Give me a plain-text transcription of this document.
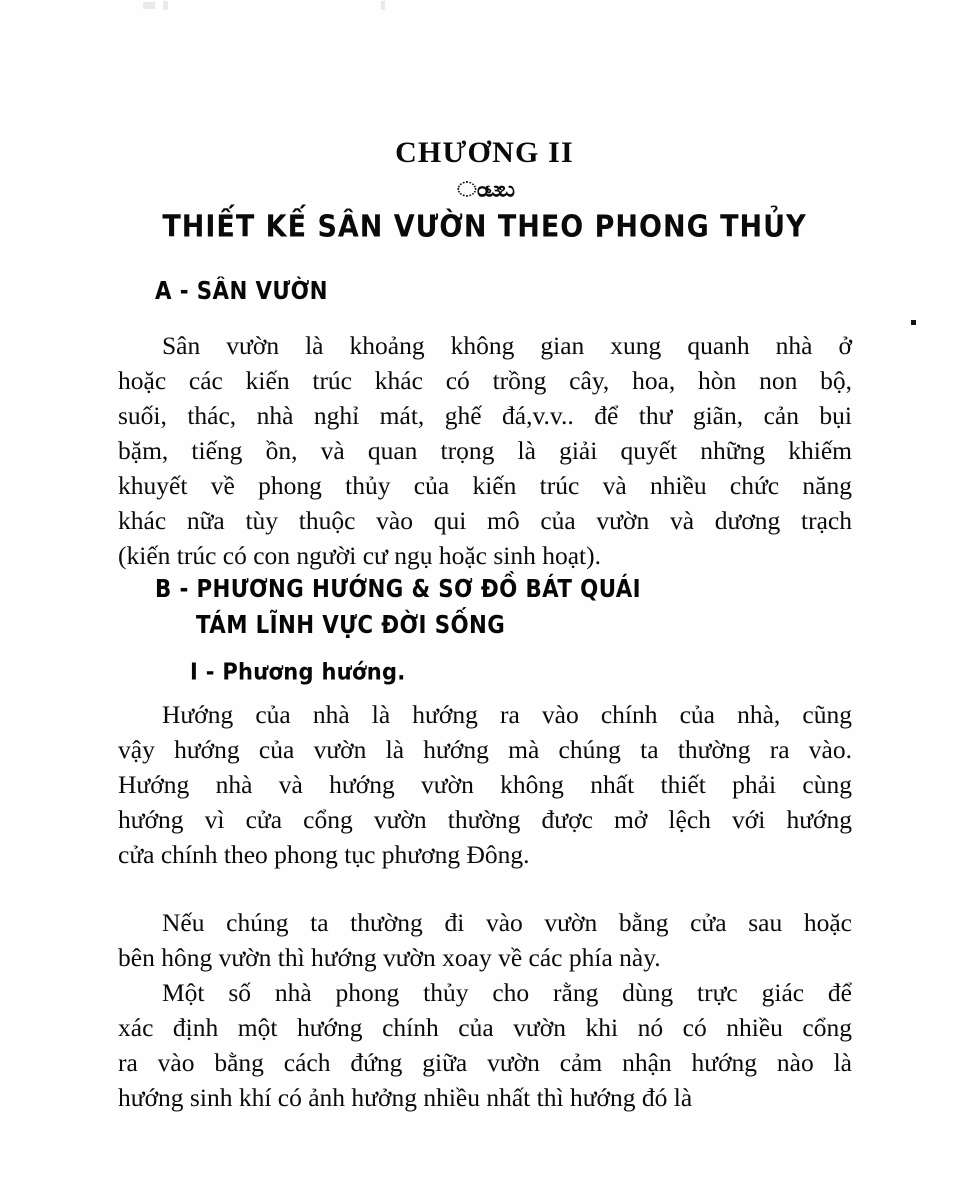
CHƯƠNG II
ಂಟಬ
THIẾT KẾ SÂN VƯỜN THEO PHONG THỦY
A - SÂN VƯỜN
Sân vườn là khoảng không gian xung quanh nhà ở
hoặc các kiến trúc khác có trồng cây, hoa, hòn non bộ,
suối, thác, nhà nghỉ mát, ghế đá,v.v.. để thư giãn, cản bụi
bặm, tiếng ồn, và quan trọng là giải quyết những khiếm
khuyết về phong thủy của kiến trúc và nhiều chức năng
khác nữa tùy thuộc vào qui mô của vườn và dương trạch
(kiến trúc có con người cư ngụ hoặc sinh hoạt).
B - PHƯƠNG HƯỚNG & SƠ ĐỒ BÁT QUÁI
TÁM LĨNH VỰC ĐỜI SỐNG
I - Phương hướng.
Hướng của nhà là hướng ra vào chính của nhà, cũng
vậy hướng của vườn là hướng mà chúng ta thường ra vào.
Hướng nhà và hướng vườn không nhất thiết phải cùng
hướng vì cửa cổng vườn thường được mở lệch với hướng
cửa chính theo phong tục phương Đông.
Nếu chúng ta thường đi vào vườn bằng cửa sau hoặc
bên hông vườn thì hướng vườn xoay về các phía này.
Một số nhà phong thủy cho rằng dùng trực giác để
xác định một hướng chính của vườn khi nó có nhiều cổng
ra vào bằng cách đứng giữa vườn cảm nhận hướng nào là
hướng sinh khí có ảnh hưởng nhiều nhất thì hướng đó là
